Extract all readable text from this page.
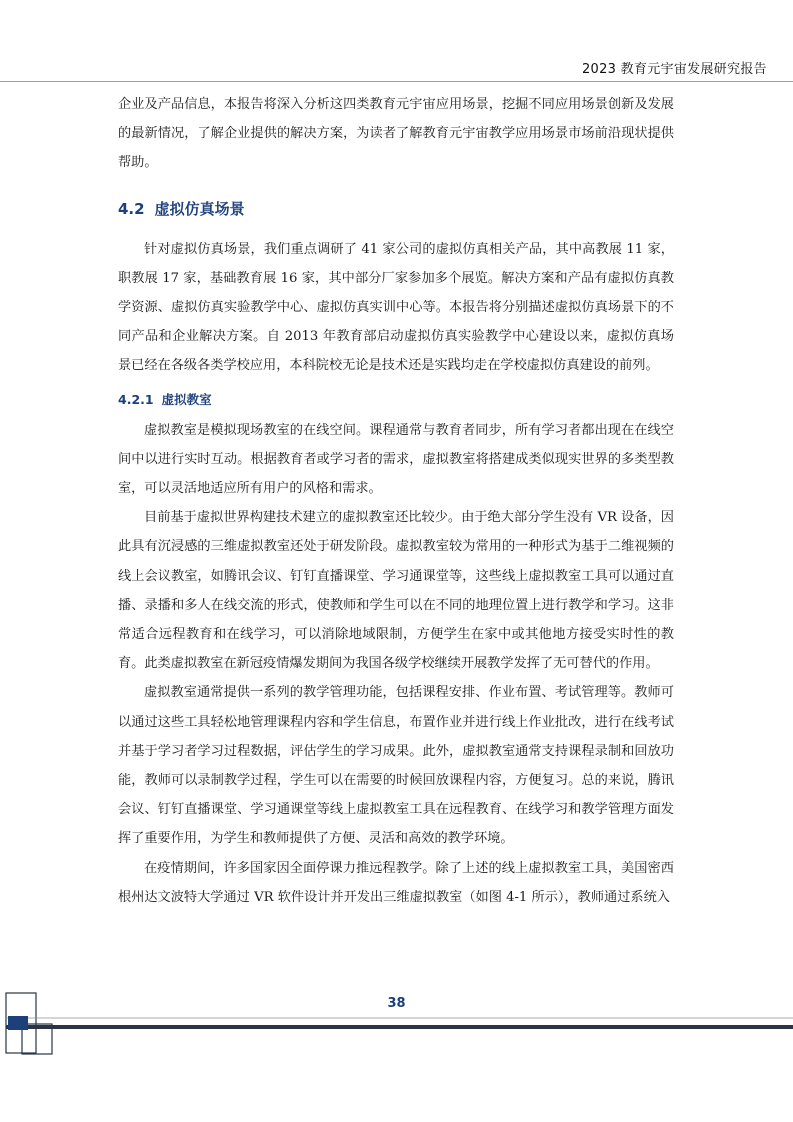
2023 教育元宇宙发展研究报告

企业及产品信息，本报告将深入分析这四类教育元宇宙应用场景，挖掘不同应用场景创新及发展的最新情况，了解企业提供的解决方案，为读者了解教育元宇宙教学应用场景市场前沿现状提供帮助。

4.2 虚拟仿真场景

针对虚拟仿真场景，我们重点调研了 41 家公司的虚拟仿真相关产品，其中高教展 11 家，职教展 17 家，基础教育展 16 家，其中部分厂家参加多个展览。解决方案和产品有虚拟仿真教学资源、虚拟仿真实验教学中心、虚拟仿真实训中心等。本报告将分别描述虚拟仿真场景下的不同产品和企业解决方案。自 2013 年教育部启动虚拟仿真实验教学中心建设以来，虚拟仿真场景已经在各级各类学校应用，本科院校无论是技术还是实践均走在学校虚拟仿真建设的前列。

4.2.1 虚拟教室

虚拟教室是模拟现场教室的在线空间。课程通常与教育者同步，所有学习者都出现在在线空间中以进行实时互动。根据教育者或学习者的需求，虚拟教室将搭建成类似现实世界的多类型教室，可以灵活地适应所有用户的风格和需求。

目前基于虚拟世界构建技术建立的虚拟教室还比较少。由于绝大部分学生没有 VR 设备，因此具有沉浸感的三维虚拟教室还处于研发阶段。虚拟教室较为常用的一种形式为基于二维视频的线上会议教室，如腾讯会议、钉钉直播课堂、学习通课堂等，这些线上虚拟教室工具可以通过直播、录播和多人在线交流的形式，使教师和学生可以在不同的地理位置上进行教学和学习。这非常适合远程教育和在线学习，可以消除地域限制，方便学生在家中或其他地方接受实时性的教育。此类虚拟教室在新冠疫情爆发期间为我国各级学校继续开展教学发挥了无可替代的作用。

虚拟教室通常提供一系列的教学管理功能，包括课程安排、作业布置、考试管理等。教师可以通过这些工具轻松地管理课程内容和学生信息，布置作业并进行线上作业批改，进行在线考试并基于学习者学习过程数据，评估学生的学习成果。此外，虚拟教室通常支持课程录制和回放功能，教师可以录制教学过程，学生可以在需要的时候回放课程内容，方便复习。总的来说，腾讯会议、钉钉直播课堂、学习通课堂等线上虚拟教室工具在远程教育、在线学习和教学管理方面发挥了重要作用，为学生和教师提供了方便、灵活和高效的教学环境。

在疫情期间，许多国家因全面停课力推远程教学。除了上述的线上虚拟教室工具，美国密西根州达文波特大学通过 VR 软件设计并开发出三维虚拟教室（如图 4-1 所示），教师通过系统入

38
